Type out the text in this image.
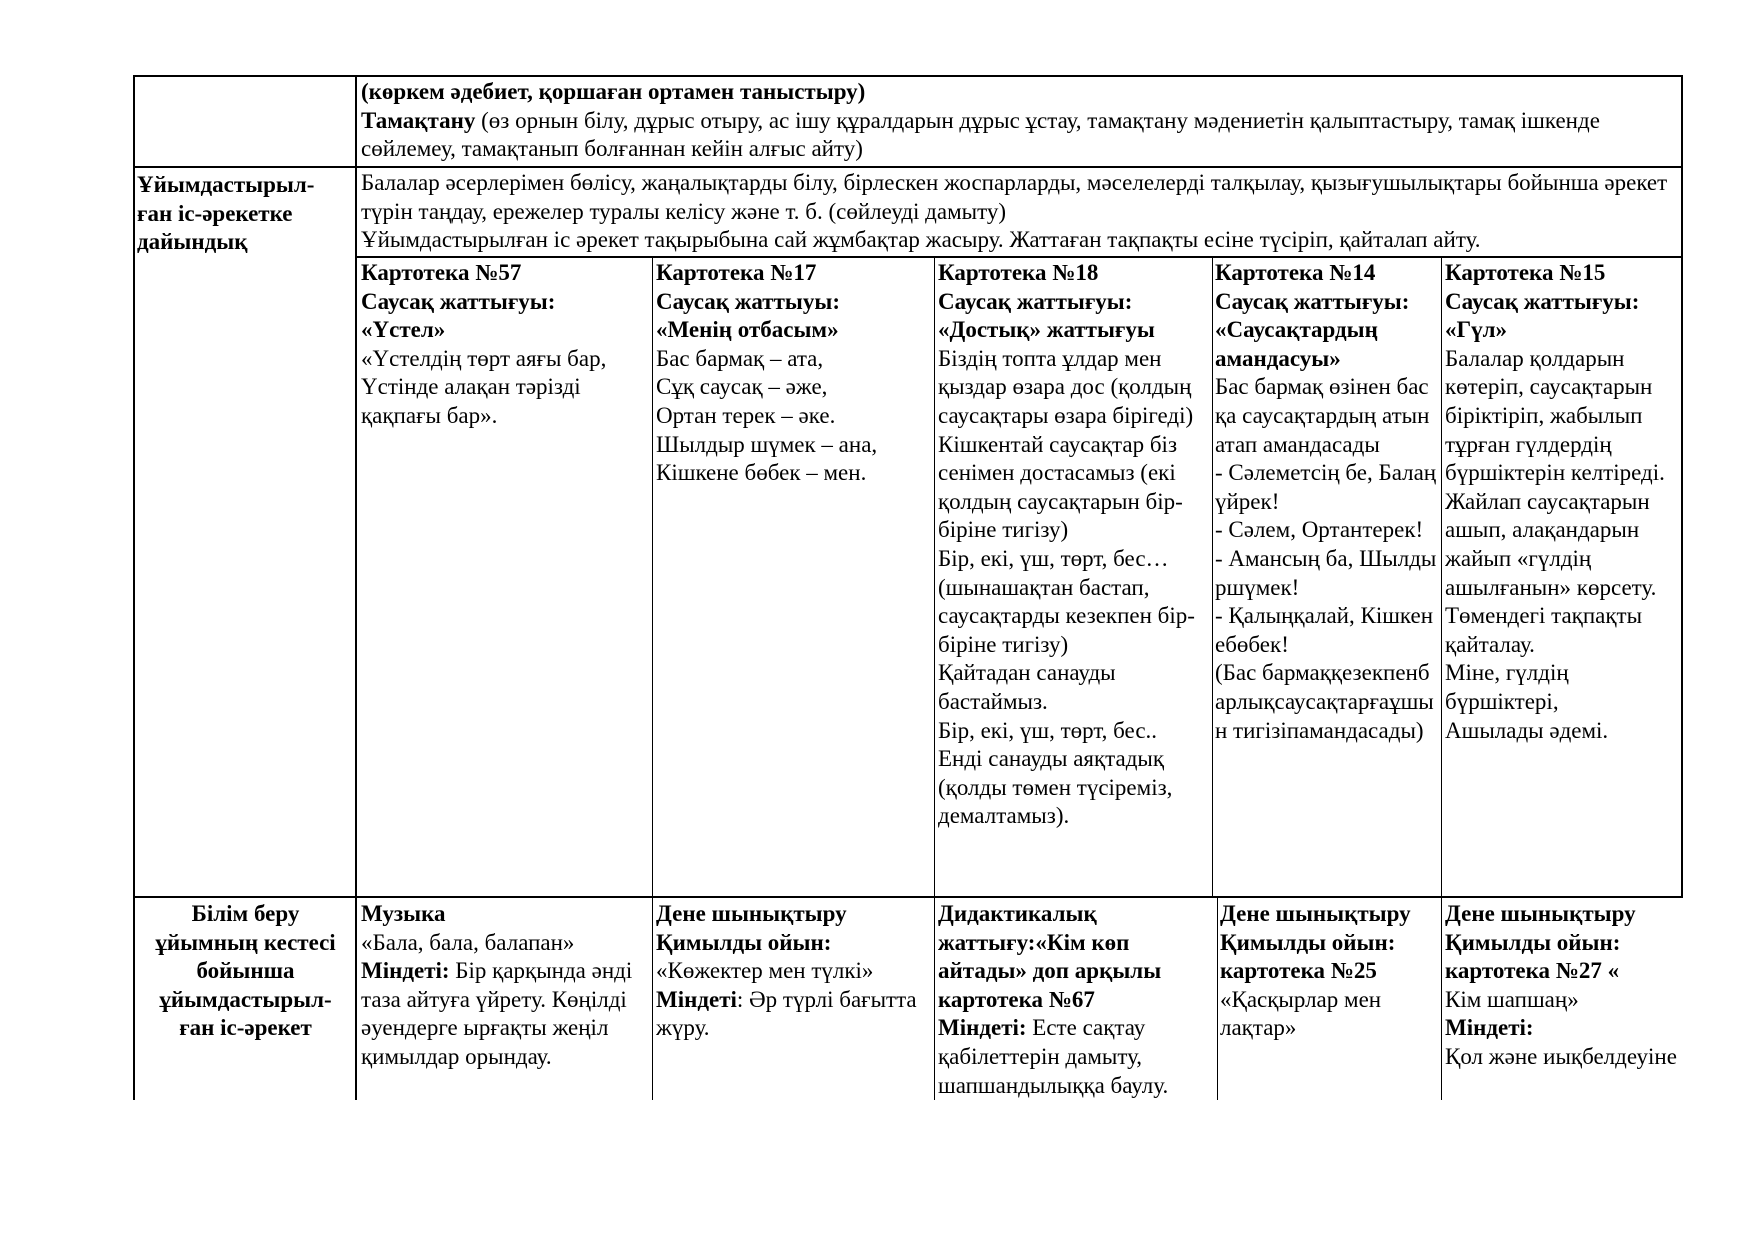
(көркем әдебиет, қоршаған ортамен таныстыру)
Тамақтану (өз орнын білу, дұрыс отыру, ас ішу құралдарын дұрыс ұстау, тамақтану мәдениетін қалыптастыру, тамақ ішкенде сөйлемеу, тамақтанып болғаннан кейін алғыс айту)
Ұйымдастырыл-ған іс-әрекетке дайындық
Балалар әсерлерімен бөлісу, жаңалықтарды білу, бірлескен жоспарларды, мәселелерді талқылау, қызығушылықтары бойынша әрекет түрін таңдау, ережелер туралы келісу және т. б. (сөйлеуді дамыту)
Ұйымдастырылған іс әрекет тақырыбына сай жұмбақтар жасыру. Жаттаған тақпақты есіне түсіріп, қайталап айту.
Картотека №57
Саусақ жаттығуы:
«Үстел»
«Үстелдің төрт аяғы бар,
Үстінде алақан тәрізді қақпағы бар».
Картотека №17
Саусақ жаттыуы:
«Менің отбасым»
Бас бармақ – ата,
Сұқ саусақ – әже,
Ортан терек – әке.
Шылдыр шүмек – ана,
Кішкене бөбек – мен.
Картотека №18
Саусақ жаттығуы:
«Достық» жаттығуы
Біздің топта ұлдар мен қыздар өзара дос (қолдың саусақтары өзара бірігеді)
Кішкентай саусақтар біз сенімен достасамыз (екі қолдың саусақтарын бір-біріне тигізу)
Бір, екі, үш, төрт, бес…
(шынашақтан бастап, саусақтарды кезекпен бір-біріне тигізу)
Қайтадан санауды бастаймыз.
Бір, екі, үш, төрт, бес..
Енді санауды аяқтадық (қолды төмен түсіреміз, демалтамыз).
Картотека №14
Саусақ жаттығуы:
«Саусақтардың амандасуы»
Бас бармақ өзінен басқа саусақтардың атын атап амандасады
- Сәлеметсің бе, Балаңүйрек!
- Сәлем, Ортантерек!
- Амансың ба, Шылдыршүмек!
- Қалыңқалай, Кішкенебөбек!
(Бас бармаққезекпенбарлықсаусақтарғаұшын тигізіпамандасады)
Картотека №15
Саусақ жаттығуы:
«Гүл»
Балалар қолдарын көтеріп, саусақтарын біріктіріп, жабылып тұрған гүлдердің бүршіктерін келтіреді. Жайлап саусақтарын ашып, алақандарын жайып «гүлдің ашылғанын» көрсету. Төмендегі тақпақты қайталау.
Міне, гүлдің бүршіктері,
Ашылады әдемі.
Білім беру ұйымның кестесі бойынша ұйымдастырыл-ған іс-әрекет
Музыка
«Бала, бала, балапан»
Міндеті: Бір қарқында әнді таза айтуға үйрету. Көңілді әуендерге ырғақты жеңіл қимылдар орындау.
Дене шынықтыру
Қимылды ойын:
«Көжектер мен түлкі»
Міндеті: Әр түрлі бағытта жүру.
Дидактикалық жаттығу:«Кім көп айтады» доп арқылы картотека №67
Міндеті: Есте сақтау қабілеттерін дамыту, шапшандылыққа баулу.
Дене шынықтыру
Қимылды ойын: картотека №25
«Қасқырлар мен лақтар»
Дене шынықтыру
Қимылды ойын: картотека №27 «
Кім шапшаң»
Міндеті:
Қол және иықбелдеуіне
